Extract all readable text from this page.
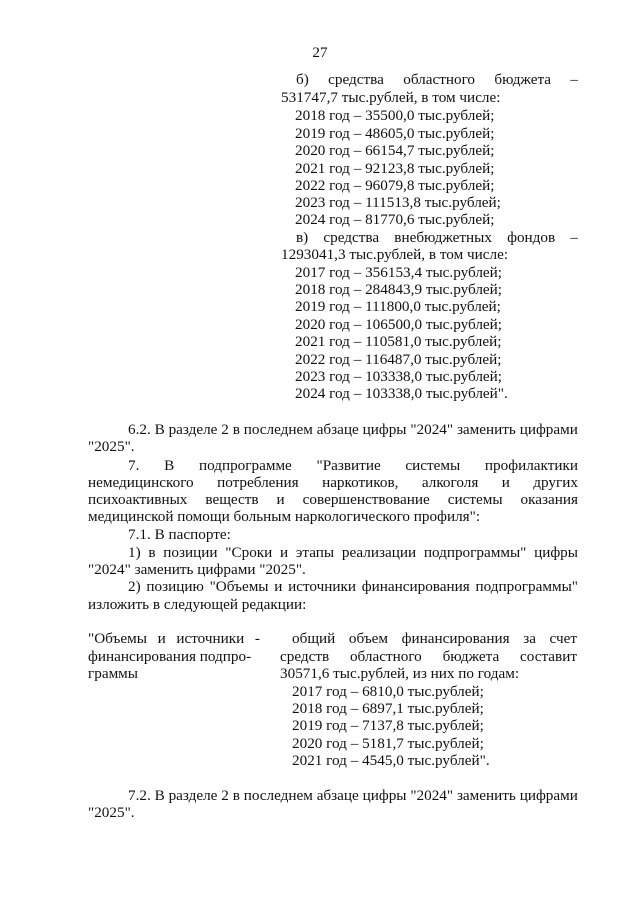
27
б) средства областного бюджета –
531747,7 тыс.рублей, в том числе:
2018 год – 35500,0 тыс.рублей;
2019 год – 48605,0 тыс.рублей;
2020 год – 66154,7 тыс.рублей;
2021 год – 92123,8 тыс.рублей;
2022 год – 96079,8 тыс.рублей;
2023 год – 111513,8 тыс.рублей;
2024 год – 81770,6 тыс.рублей;
в) средства внебюджетных фондов –
1293041,3 тыс.рублей, в том числе:
2017 год – 356153,4 тыс.рублей;
2018 год – 284843,9 тыс.рублей;
2019 год – 111800,0 тыс.рублей;
2020 год – 106500,0 тыс.рублей;
2021 год – 110581,0 тыс.рублей;
2022 год – 116487,0 тыс.рублей;
2023 год – 103338,0 тыс.рублей;
2024 год – 103338,0 тыс.рублей".
6.2. В разделе 2 в последнем абзаце цифры "2024" заменить цифрами
"2025".
7. В подпрограмме "Развитие системы профилактики
немедицинского потребления наркотиков, алкоголя и других
психоактивных веществ и совершенствование системы оказания
медицинской помощи больным наркологического профиля":
7.1. В паспорте:
1) в позиции "Сроки и этапы реализации подпрограммы" цифры
"2024" заменить цифрами "2025".
2) позицию "Объемы и источники финансирования подпрограммы"
изложить в следующей редакции:
"Объемы и источники -
финансирования подпро-
граммы
общий объем финансирования за счет
средств областного бюджета составит
30571,6 тыс.рублей, из них по годам:
2017 год – 6810,0 тыс.рублей;
2018 год – 6897,1 тыс.рублей;
2019 год – 7137,8 тыс.рублей;
2020 год – 5181,7 тыс.рублей;
2021 год – 4545,0 тыс.рублей".
7.2. В разделе 2 в последнем абзаце цифры "2024" заменить цифрами
"2025".
